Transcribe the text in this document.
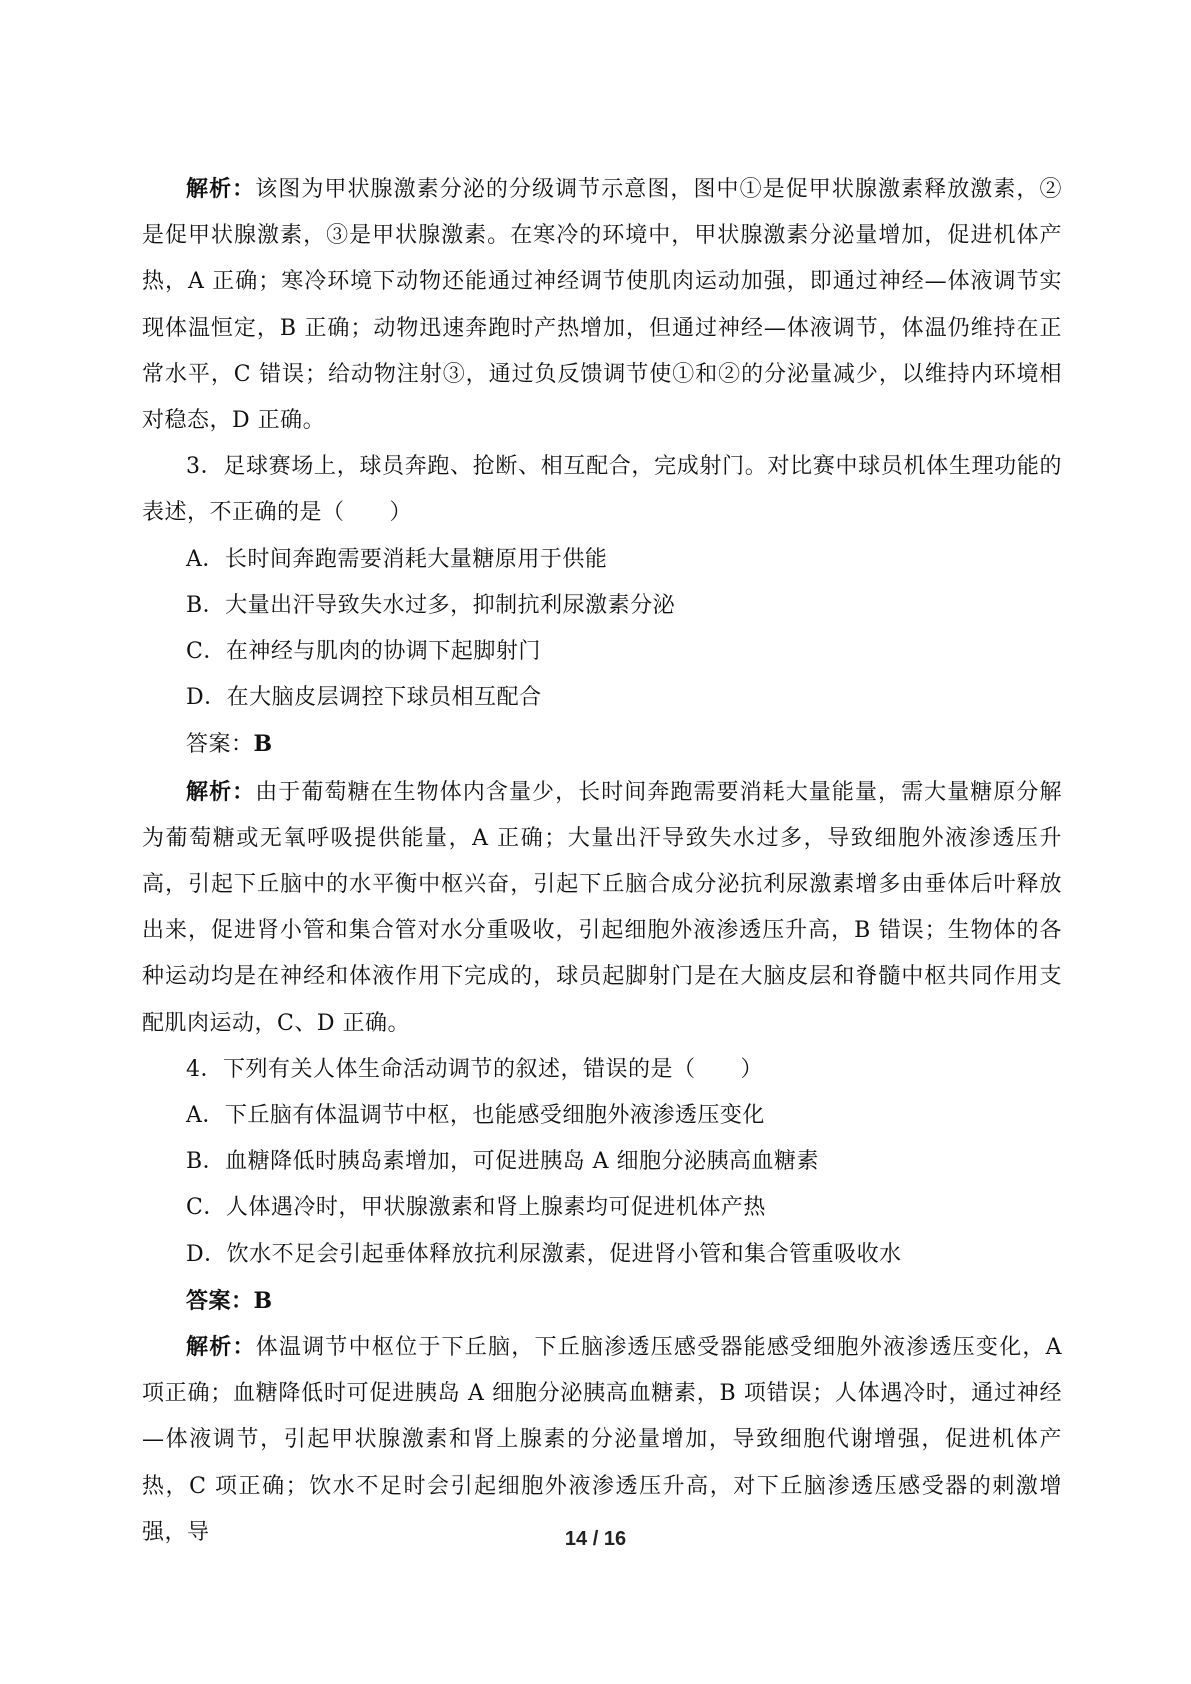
解析：该图为甲状腺激素分泌的分级调节示意图，图中①是促甲状腺激素释放激素，②是促甲状腺激素，③是甲状腺激素。在寒冷的环境中，甲状腺激素分泌量增加，促进机体产热，A 正确；寒冷环境下动物还能通过神经调节使肌肉运动加强，即通过神经—体液调节实现体温恒定，B 正确；动物迅速奔跑时产热增加，但通过神经—体液调节，体温仍维持在正常水平，C 错误；给动物注射③，通过负反馈调节使①和②的分泌量减少，以维持内环境相对稳态，D 正确。

3．足球赛场上，球员奔跑、抢断、相互配合，完成射门。对比赛中球员机体生理功能的表述，不正确的是（　　）

A．长时间奔跑需要消耗大量糖原用于供能

B．大量出汗导致失水过多，抑制抗利尿激素分泌

C．在神经与肌肉的协调下起脚射门

D．在大脑皮层调控下球员相互配合

答案：B

解析：由于葡萄糖在生物体内含量少，长时间奔跑需要消耗大量能量，需大量糖原分解为葡萄糖或无氧呼吸提供能量，A 正确；大量出汗导致失水过多，导致细胞外液渗透压升高，引起下丘脑中的水平衡中枢兴奋，引起下丘脑合成分泌抗利尿激素增多由垂体后叶释放出来，促进肾小管和集合管对水分重吸收，引起细胞外液渗透压升高，B 错误；生物体的各种运动均是在神经和体液作用下完成的，球员起脚射门是在大脑皮层和脊髓中枢共同作用支配肌肉运动，C、D 正确。

4．下列有关人体生命活动调节的叙述，错误的是（　　）

A．下丘脑有体温调节中枢，也能感受细胞外液渗透压变化

B．血糖降低时胰岛素增加，可促进胰岛 A 细胞分泌胰高血糖素

C．人体遇冷时，甲状腺激素和肾上腺素均可促进机体产热

D．饮水不足会引起垂体释放抗利尿激素，促进肾小管和集合管重吸收水

答案：B

解析：体温调节中枢位于下丘脑，下丘脑渗透压感受器能感受细胞外液渗透压变化，A 项正确；血糖降低时可促进胰岛 A 细胞分泌胰高血糖素，B 项错误；人体遇冷时，通过神经—体液调节，引起甲状腺激素和肾上腺素的分泌量增加，导致细胞代谢增强，促进机体产热，C 项正确；饮水不足时会引起细胞外液渗透压升高，对下丘脑渗透压感受器的刺激增强，导	14 / 16
